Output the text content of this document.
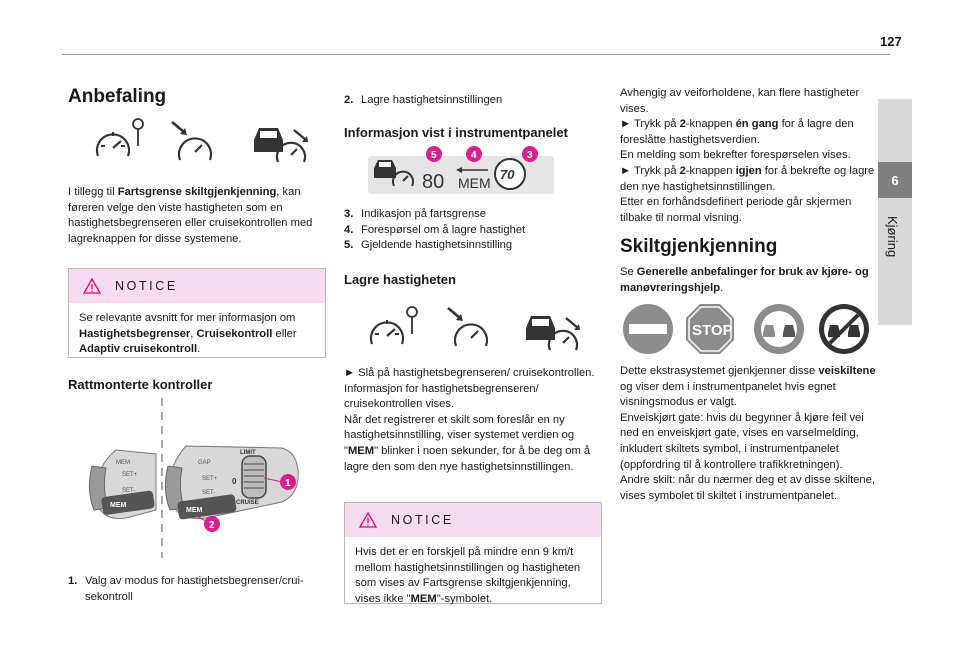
127
6
Kjøring
Anbefaling
I tillegg til Fartsgrense skiltgjenkjenning, kan føreren velge den viste hastigheten som en hastighetsbegrenseren eller cruisekontrollen med lagreknappen for disse systemene.
NOTICE
Se relevante avsnitt for mer informasjon om Hastighetsbegrenser, Cruisekontroll eller Adaptiv cruisekontroll.
Rattmonterte kontroller
MEM
MEM
SET+
SET-
MEM
GAP
SET+
SET-
LIMIT
CRUISE
0	1
2
1. Valg av modus for hastighetsbegrenser/crui-sekontroll
2. Lagre hastighetsinnstillingen
Informasjon vist i instrumentpanelet
80 MEM
70
5	4	3
3. Indikasjon på fartsgrense
4. Forespørsel om å lagre hastighet
5. Gjeldende hastighetsinnstilling
Lagre hastigheten

► Slå på hastighetsbegrenseren/ cruisekontrollen.

Informasjon for hastighetsbegrenseren/ cruisekontrollen vises.

Når det registrerer et skilt som foreslår en ny hastighetsinnstilling, viser systemet verdien og "MEM" blinker i noen sekunder, for å be deg om å lagre den som den nye hastighetsinnstillingen.

NOTICE
Hvis det er en forskjell på mindre enn 9 km/t mellom hastighetsinnstillingen og hastigheten som vises av Fartsgrense skiltgjenkjenning, vises ikke "MEM"-symbolet.

Avhengig av veiforholdene, kan flere hastigheter vises.

► Trykk på 2-knappen én gang for å lagre den foreslåtte hastighetsverdien.

En melding som bekrefter forespørselen vises.

► Trykk på 2-knappen igjen for å bekrefte og lagre den nye hastighetsinnstillingen.

Etter en forhåndsdefinert periode går skjermen tilbake til normal visning.

Skiltgjenkjenning
Se Generelle anbefalinger for bruk av kjøre- og manøvreringshjelp.
STOP

Dette ekstrasystemet gjenkjenner disse veiskiltene og viser dem i instrumentpanelet hvis egnet visningsmodus er valgt.

Enveiskjørt gate: hvis du begynner å kjøre feil vei ned en enveiskjørt gate, vises en varselmelding, inkludert skiltets symbol, i instrumentpanelet (oppfordring til å kontrollere trafikkretningen).

Andre skilt: når du nærmer deg et av disse skiltene, vises symbolet til skiltet i instrumentpanelet.
